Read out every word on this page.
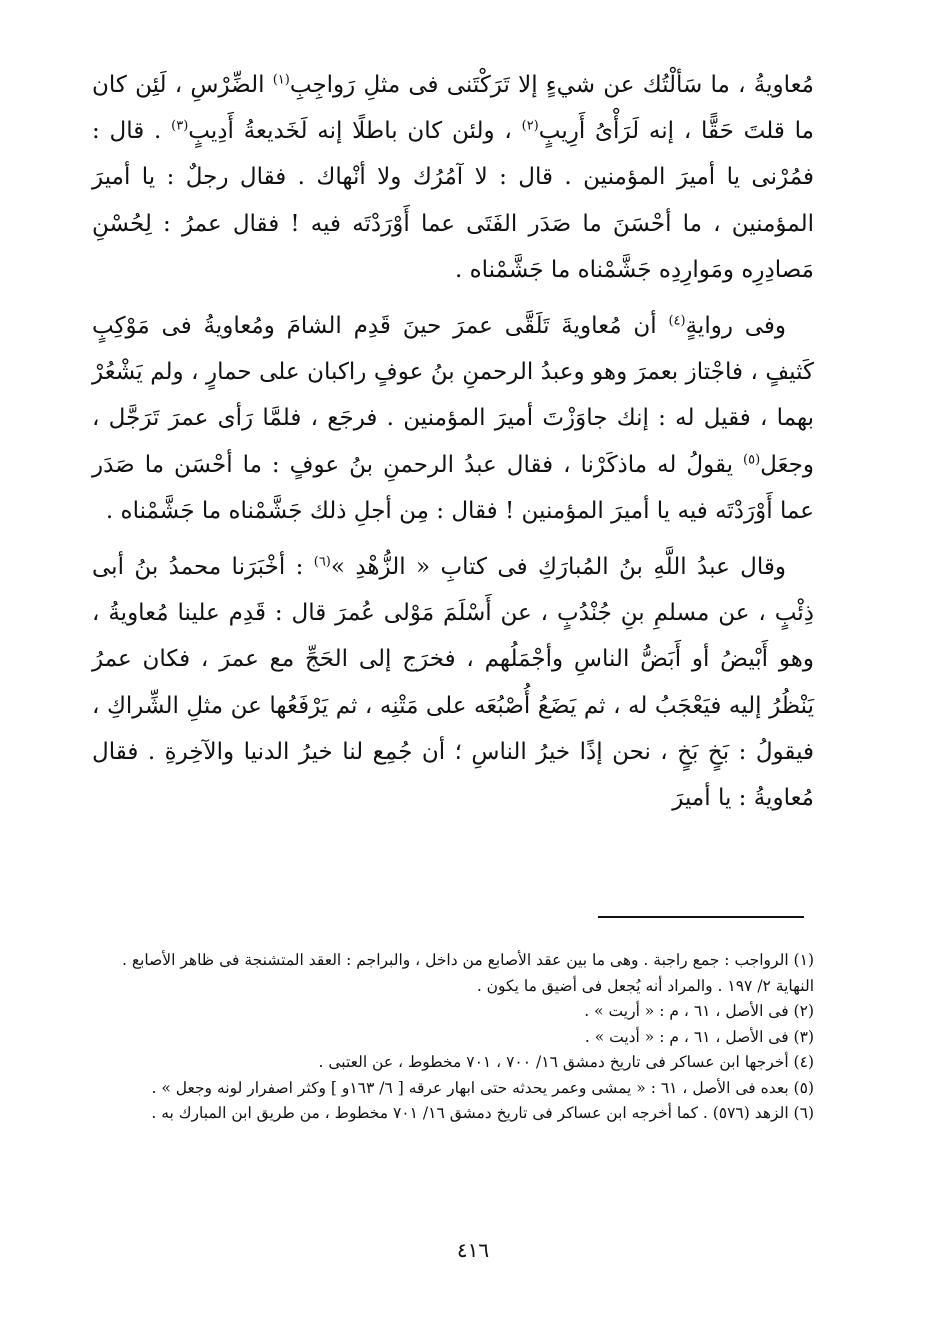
مُعاويةُ ، ما سَألْتُك عن شيءٍ إلا تَرَكْتَنى فى مثلِ رَواجِبِ$^{(١)}$ الضِّرْسِ ، لَئِن كان ما قلتَ حَقًّا ، إنه لَرَأْىُ أَرِيبٍ$^{(٢)}$ ، ولئن كان باطلًا إنه لَخَديعةُ أَدِيبٍ$^{(٣)}$ . قال : فمُرْنى يا أميرَ المؤمنين . قال : لا آمُرُك ولا أنْهاك . فقال رجلٌ : يا أميرَ المؤمنين ، ما أحْسَنَ ما صَدَر الفَتَى عما أَوْرَدْتَه فيه ! فقال عمرُ : لِحُسْنِ مَصادِرِه ومَوارِدِه جَشَّمْناه ما جَشَّمْناه .

وفى روايةٍ$^{(٤)}$ أن مُعاويةَ تَلَقَّى عمرَ حينَ قَدِم الشامَ ومُعاويةُ فى مَوْكِبٍ كَثيفٍ ، فاجْتاز بعمرَ وهو وعبدُ الرحمنِ بنُ عوفٍ راكبان على حمارٍ ، ولم يَشْعُرْ بهما ، فقيل له : إنك جاوَزْتَ أميرَ المؤمنين . فرجَع ، فلمَّا رَأى عمرَ تَرَجَّل ، وجعَل$^{(٥)}$ يقولُ له ماذكَرْنا ، فقال عبدُ الرحمنِ بنُ عوفٍ : ما أحْسَن ما صَدَر عما أَوْرَدْتَه فيه يا أميرَ المؤمنين ! فقال : مِن أجلِ ذلك جَشَّمْناه ما جَشَّمْناه .

وقال عبدُ اللَّهِ بنُ المُبارَكِ فى كتابِ « الزُّهْدِ »$^{(٦)}$ : أخْبَرَنا محمدُ بنُ أبى ذِئْبٍ ، عن مسلمِ بنِ جُنْدُبٍ ، عن أَسْلَمَ مَوْلى عُمرَ قال : قَدِم علينا مُعاويةُ ، وهو أَبْيضُ أو أَبَضُّ الناسِ وأجْمَلُهم ، فخرَج إلى الحَجِّ مع عمرَ ، فكان عمرُ يَنْظُرُ إليه فيَعْجَبُ له ، ثم يَضَعُ أُصْبُعَه على مَتْنِه ، ثم يَرْفَعُها عن مثلِ الشِّراكِ ، فيقولُ : بَخٍ بَخٍ ، نحن إذًا خيرُ الناسِ ؛ أن جُمِع لنا خيرُ الدنيا والآخِرةِ . فقال مُعاويةُ : يا أميرَ

(١) الرواجب : جمع راجبة . وهى ما بين عقد الأصابع من داخل ، والبراجم : العقد المتشنجة فى ظاهر الأصابع . النهاية ٢/ ١٩٧ . والمراد أنه يُجعل فى أضيق ما يكون .
(٢) فى الأصل ، ٦١ ، م : « أريت » .
(٣) فى الأصل ، ٦١ ، م : « أديت » .
(٤) أخرجها ابن عساكر فى تاريخ دمشق ١٦/ ٧٠٠ ، ٧٠١ مخطوط ، عن العتبى .
(٥) بعده فى الأصل ، ٦١ : « يمشى وعمر يحدثه حتى ابهار عرقه [ ٦/ ١٦٣و ] وكثر اصفرار لونه وجعل » .
(٦) الزهد (٥٧٦) . كما أخرجه ابن عساكر فى تاريخ دمشق ١٦/ ٧٠١ مخطوط ، من طريق ابن المبارك به .
٤١٦
